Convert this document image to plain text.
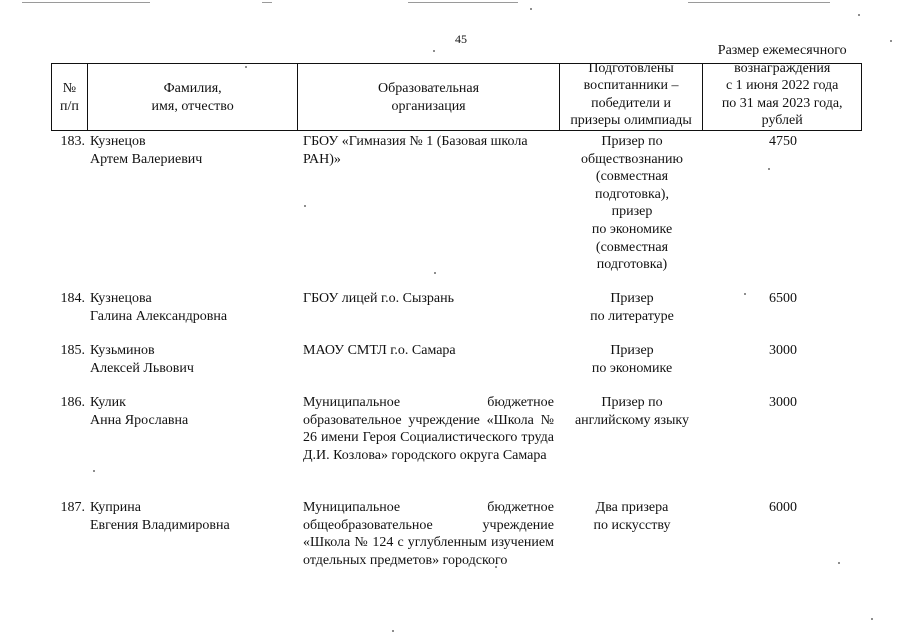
45
№
п/п
Фамилия,
имя, отчество
Образовательная
организация
Подготовлены
воспитанники –
победители и
призеры олимпиады
Размер ежемесячного
вознаграждения
с 1 июня 2022 года
по 31 мая 2023 года, рублей
183. Кузнецов
Артем Валериевич
ГБОУ «Гимназия № 1 (Базовая школа
РАН)»
Призер по
обществознанию
(совместная
подготовка),
призер
по экономике
(совместная
подготовка)
4750
184. Кузнецова
Галина Александровна
ГБОУ лицей г.о. Сызрань	Призер
по литературе
6500
185. Кузьминов
Алексей Львович
МАОУ СМТЛ г.о. Самара	Призер
по экономике
3000
186. Кулик
Анна Ярославна
Муниципальное бюджетное образовательное учреждение «Школа № 26 имени Героя Социалистического труда Д.И. Козлова» городского округа Самара
Призер по
английскому языку
3000
187. Куприна
Евгения Владимировна
Муниципальное бюджетное общеобразовательное учреждение «Школа № 124 с углубленным изучением отдельных предметов» городского
Два призера
по искусству
6000
